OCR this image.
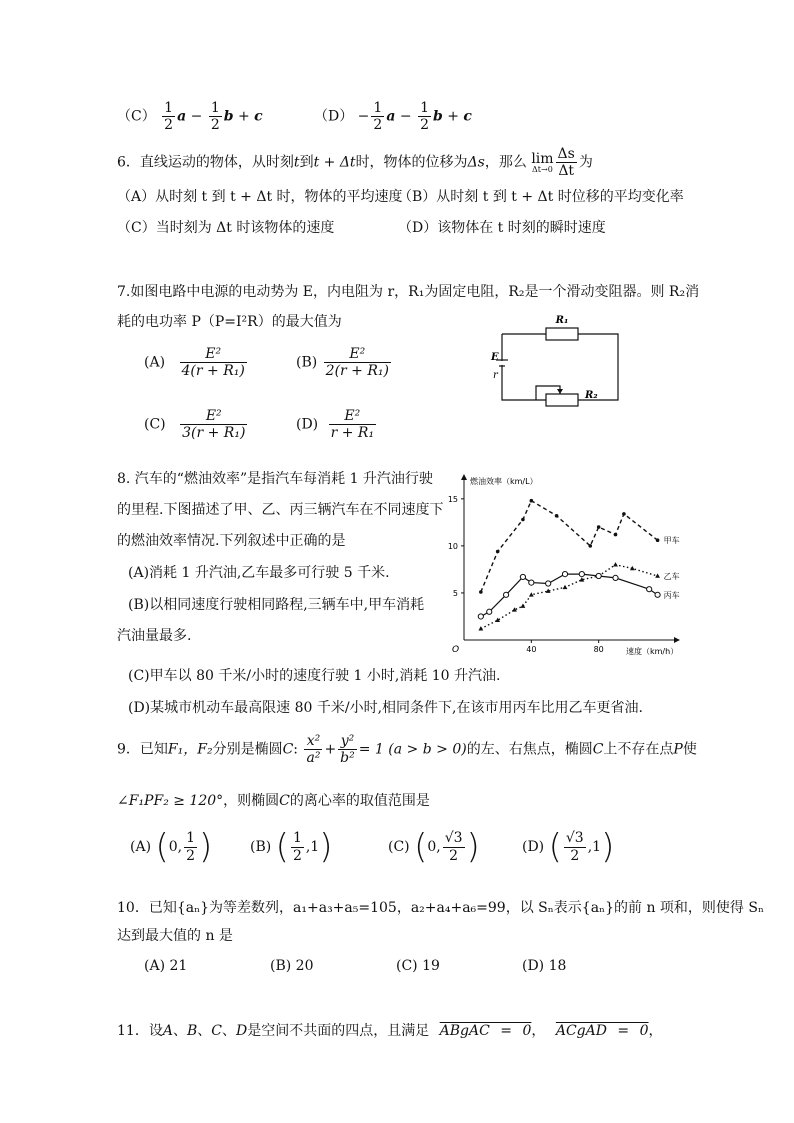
$(C) \frac{1}{2}$ $a - \frac{1}{2}$ b + c	$(D) - \frac{1}{2}$ $a - \frac{1}{2}$ b + c
6．直线运动的物体，从时刻t到t + Δt时，物体的位移为Δs，那么 lim
$\Delta t\to 0 \frac{\Delta s}{\Delta t}$ 为
（A）从时刻 t 到 t + Δt 时，物体的平均速度
（B）从时刻 t 到 t + Δt 时位移的平均变化率
（C）当时刻为 Δt 时该物体的速度	（D）该物体在 t 时刻的瞬时速度
7.如图电路中电源的电动势为 E，内电阻为 r，R₁为固定电阻，R₂是一个滑动变阻器。则 R₂消
耗的电功率 P（P=I²R）的最大值为
$(A) \frac{\text{E²}}{\text{4(r + R₁)}}$	$(B) \frac{\text{E²}}{\text{2(r + R₁)}}$
$(C) \frac{\text{E²}}{\text{3(r + R₁)}}$	$(D) \frac{\text{E²}}{\text{r + R₁}}$
R₁
R₂
E
r
8. 汽车的“燃油效率”是指汽车每消耗 1 升汽油行驶
的里程.下图描述了甲、乙、丙三辆汽车在不同速度下
的燃油效率情况.下列叙述中正确的是
(A)消耗 1 升汽油,乙车最多可行驶 5 千米.
(B)以相同速度行驶相同路程,三辆车中,甲车消耗
汽油量最多.
(C)甲车以 80 千米/小时的速度行驶 1 小时,消耗 10 升汽油.
(D)某城市机动车最高限速 80 千米/小时,相同条件下,在该市用丙车比用乙车更省油.
燃油效率（km/L）
速度（km/h）
O	40	80
5
10
15
甲车
乙车
丙车
9．已知F₁，F₂分别是椭圆C: $\frac{\text{x²}}{\text{a²}} + \frac{\text{y²}}{\text{b²}} = 1$ (a > b > 0)的左、右焦点，椭圆C上不存在点P使
∠F₁PF₂ ≥ 120°，则椭圆C的离心率的取值范围是
(A) (0, $\frac{1}{2}$ )	(B) ( $\frac{1}{2} ,1$)	(C) (0, $\frac{√3}{2}$ )	(D) ( $\frac{√3}{2} ,1$)
10．已知{aₙ}为等差数列，a₁+a₃+a₅=105，a₂+a₄+a₆=99，以 Sₙ表示{aₙ}的前 n 项和，则使得 Sₙ
达到最大值的 n 是
(A) 21	(B) 20	(C) 19	(D) 18
11．设A、B、C、D是空间不共面的四点，且满足 ABgAC = 0， ACgAD = 0，
